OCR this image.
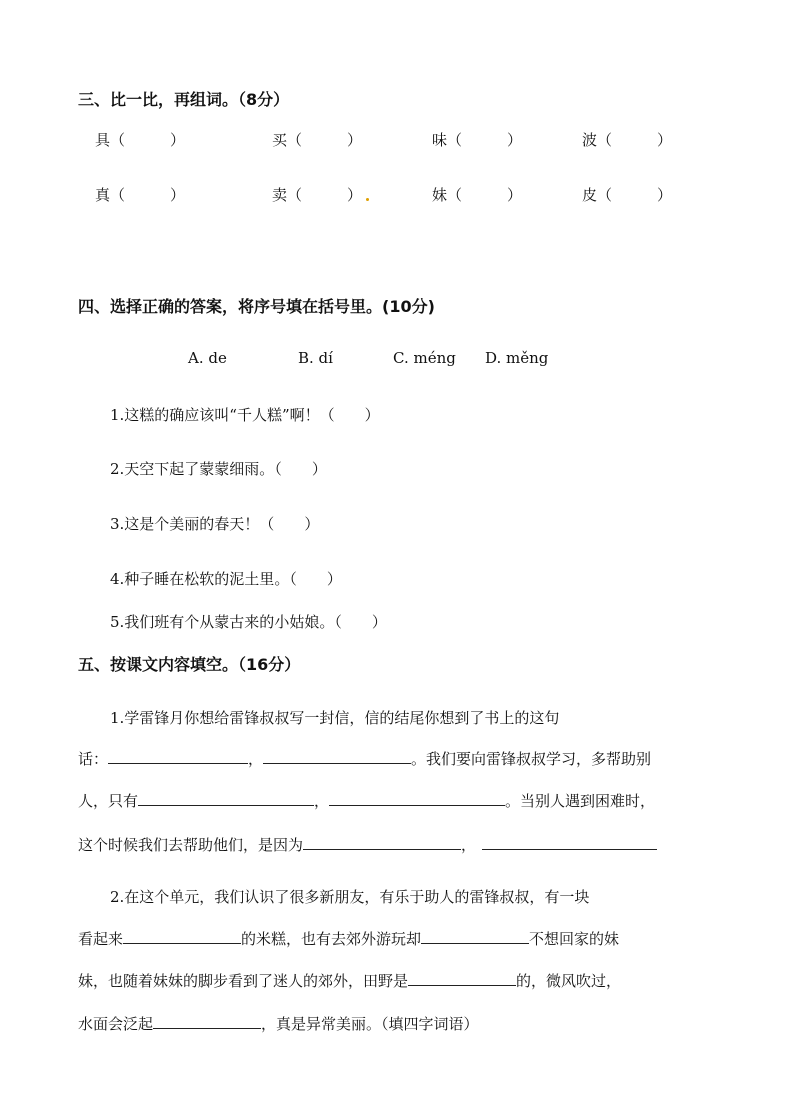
三、比一比，再组词。（8分）
具（　　　）	买（　　　）	味（　　　）	波（　　　）
真（　　　）	卖（　　　）	妹（　　　）	皮（　　　）
四、选择正确的答案，将序号填在括号里。(10分)
A. de	B. dí	C. méng D. měng
1.这糕的确应该叫“千人糕”啊！（　　）
2.天空下起了蒙蒙细雨。（　　）
3.这是个美丽的春天！（　　）
4.种子睡在松软的泥土里。（　　）
5.我们班有个从蒙古来的小姑娘。（　　）
五、按课文内容填空。（16分）
1.学雷锋月你想给雷锋叔叔写一封信，信的结尾你想到了书上的这句
话：	，	。我们要向雷锋叔叔学习，多帮助别
人，只有	，	。当别人遇到困难时，
这个时候我们去帮助他们，是因为	，
2.在这个单元，我们认识了很多新朋友，有乐于助人的雷锋叔叔，有一块
看起来	的米糕，也有去郊外游玩却	不想回家的妹
妹，也随着妹妹的脚步看到了迷人的郊外，田野是	的，微风吹过，
水面会泛起	，真是异常美丽。（填四字词语）
